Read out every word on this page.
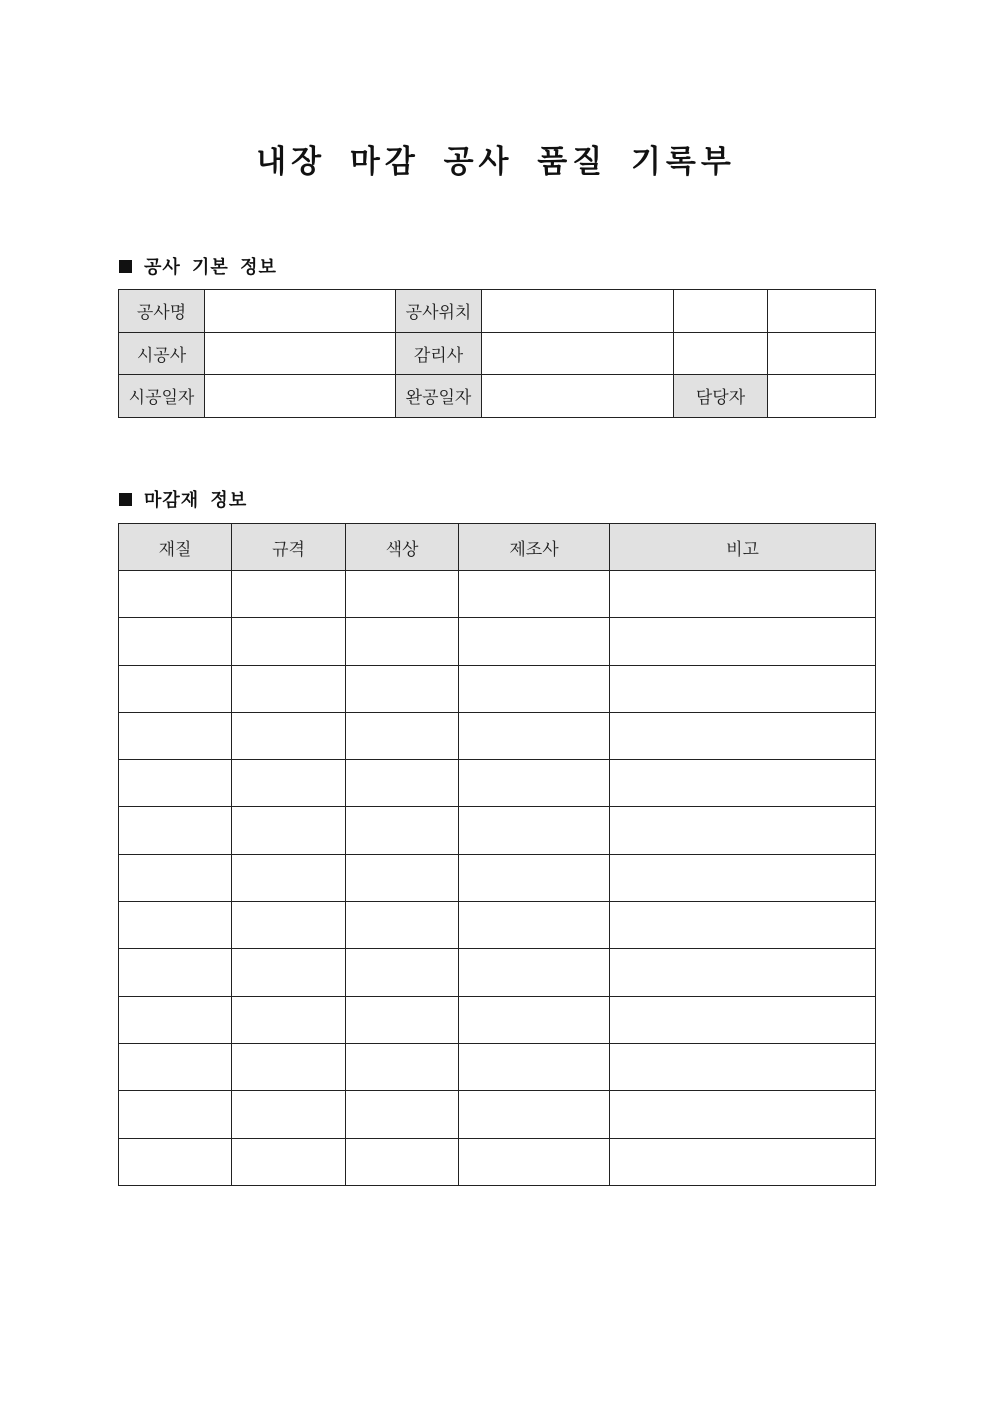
내장 마감 공사 품질 기록부
공사 기본 정보
공사명		공사위치			
시공사		감리사			
시공일자		완공일자		담당자	
마감재 정보
재질	규격	색상	제조사	비고
